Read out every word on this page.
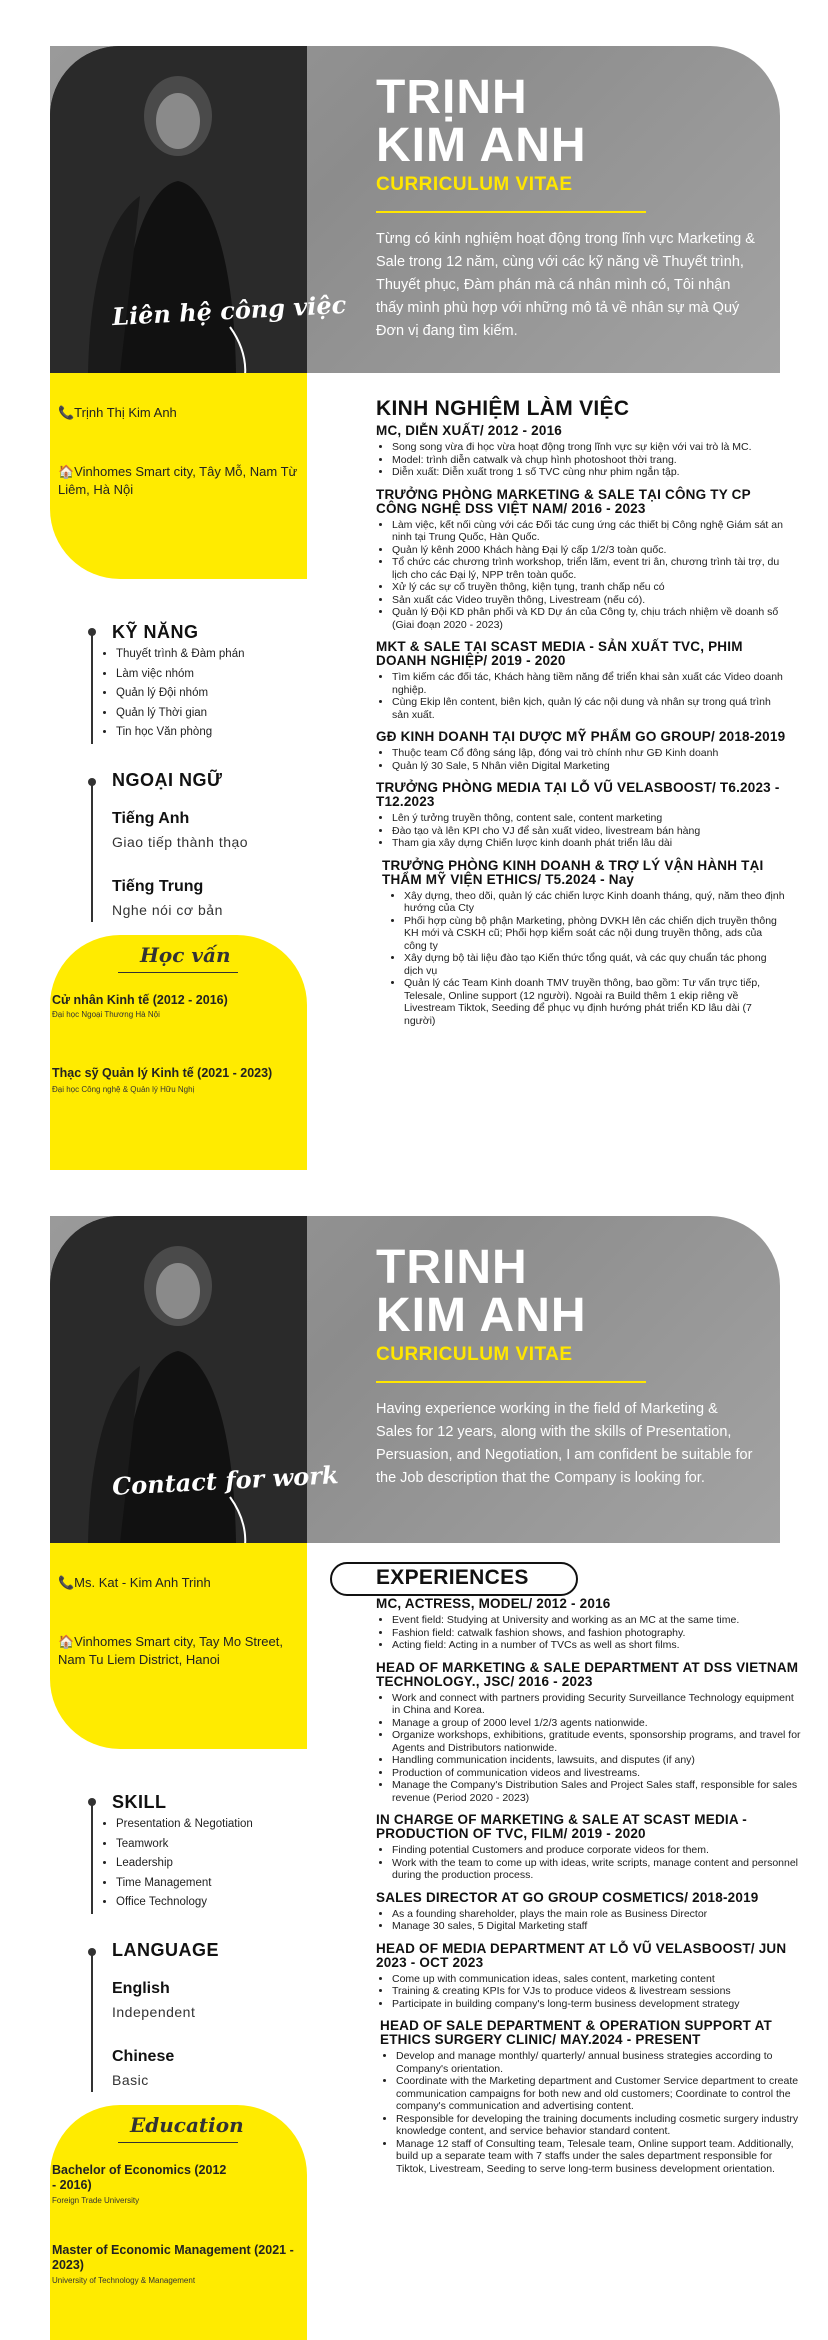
Liên hệ công việc
TRỊNH
KIM ANH
CURRICULUM VITAE
Từng có kinh nghiệm hoạt động trong lĩnh vực Marketing & Sale trong 12 năm, cùng với các kỹ năng về Thuyết trình, Thuyết phục, Đàm phán mà cá nhân mình có, Tôi nhận thấy mình phù hợp với những mô tả về nhân sự mà Quý Đơn vị đang tìm kiếm.
📞Trịnh Thị Kim Anh
🏠Vinhomes Smart city, Tây Mỗ, Nam Từ Liêm, Hà Nội
KỸ NĂNG
• Thuyết trình & Đàm phán
• Làm việc nhóm
• Quản lý Đội nhóm
• Quản lý Thời gian
• Tin học Văn phòng
NGOẠI NGỮ
Tiếng Anh
Giao tiếp thành thạo
Tiếng Trung
Nghe nói cơ bản
Học vấn
Cử nhân Kinh tế (2012 - 2016)
Đại học Ngoại Thương Hà Nội
Thạc sỹ Quản lý Kinh tế (2021 - 2023)
Đại học Công nghệ & Quản lý Hữu Nghị
KINH NGHIỆM LÀM VIỆC
MC, DIỄN XUẤT/ 2012 - 2016
• Song song vừa đi học vừa hoạt động trong lĩnh vực sự kiện với vai trò là MC.
• Model: trình diễn catwalk và chụp hình photoshoot thời trang.
• Diễn xuất: Diễn xuất trong 1 số TVC cùng như phim ngắn tập.
TRƯỞNG PHÒNG MARKETING & SALE TẠI CÔNG TY CP CÔNG NGHỆ DSS VIỆT NAM/ 2016 - 2023
• Làm việc, kết nối cùng với các Đối tác cung ứng các thiết bị Công nghệ Giám sát an ninh tại Trung Quốc, Hàn Quốc.
• Quản lý kênh 2000 Khách hàng Đại lý cấp 1/2/3 toàn quốc.
• Tổ chức các chương trình workshop, triển lãm, event tri ân, chương trình tài trợ, du lịch cho các Đại lý, NPP trên toàn quốc.
• Xử lý các sự cố truyền thông, kiện tụng, tranh chấp nếu có
• Sản xuất các Video truyền thông, Livestream (nếu có).
• Quản lý Đội KD phân phối và KD Dự án của Công ty, chịu trách nhiệm về doanh số (Giai đoạn 2020 - 2023)
MKT & SALE TẠI SCAST MEDIA - SẢN XUẤT TVC, PHIM DOANH NGHIỆP/ 2019 - 2020
• Tìm kiếm các đối tác, Khách hàng tiềm năng để triển khai sản xuất các Video doanh nghiệp.
• Cùng Ekip lên content, biên kịch, quản lý các nội dung và nhân sự trong quá trình sản xuất.
GĐ KINH DOANH TẠI DƯỢC MỸ PHẨM GO GROUP/ 2018-2019
• Thuộc team Cổ đông sáng lập, đóng vai trò chính như GĐ Kinh doanh
• Quản lý 30 Sale, 5 Nhân viên Digital Marketing
TRƯỞNG PHÒNG MEDIA TẠI LỖ VŨ VELASBOOST/ T6.2023 - T12.2023
• Lên ý tưởng truyền thông, content sale, content marketing
• Đào tạo và lên KPI cho VJ để sản xuất video, livestream bán hàng
• Tham gia xây dựng Chiến lược kinh doanh phát triển lâu dài
TRƯỞNG PHÒNG KINH DOANH & TRỢ LÝ VẬN HÀNH TẠI THẨM MỸ VIỆN ETHICS/ T5.2024 - Nay
• Xây dựng, theo dõi, quản lý các chiến lược Kinh doanh tháng, quý, năm theo định hướng của Cty
• Phối hợp cùng bộ phận Marketing, phòng DVKH lên các chiến dịch truyền thông KH mới và CSKH cũ; Phối hợp kiểm soát các nội dung truyền thông, ads của công ty
• Xây dựng bộ tài liệu đào tạo Kiến thức tổng quát, và các quy chuẩn tác phong dịch vụ
• Quản lý các Team Kinh doanh TMV truyền thông, bao gồm: Tư vấn trực tiếp, Telesale, Online support (12 người). Ngoài ra Build thêm 1 ekip riêng về Livestream Tiktok, Seeding để phục vụ định hướng phát triển KD lâu dài (7 người)
Contact for work
TRINH
KIM ANH
CURRICULUM VITAE
Having experience working in the field of Marketing & Sales for 12 years, along with the skills of Presentation, Persuasion, and Negotiation, I am confident be suitable for the Job description that the Company is looking for.
📞Ms. Kat - Kim Anh Trinh
🏠Vinhomes Smart city, Tay Mo Street, Nam Tu Liem District, Hanoi
SKILL
• Presentation & Negotiation
• Teamwork
• Leadership
• Time Management
• Office Technology
LANGUAGE
English
Independent
Chinese
Basic
Education
Bachelor of Economics (2012 - 2016)
Foreign Trade University
Master of Economic Management (2021 - 2023)
University of Technology & Management
EXPERIENCES
MC, ACTRESS, MODEL/ 2012 - 2016
• Event field: Studying at University and working as an MC at the same time.
• Fashion field: catwalk fashion shows, and fashion photography.
• Acting field: Acting in a number of TVCs as well as short films.
HEAD OF MARKETING & SALE DEPARTMENT AT DSS VIETNAM TECHNOLOGY., JSC/ 2016 - 2023
• Work and connect with partners providing Security Surveillance Technology equipment in China and Korea.
• Manage a group of 2000 level 1/2/3 agents nationwide.
• Organize workshops, exhibitions, gratitude events, sponsorship programs, and travel for Agents and Distributors nationwide.
• Handling communication incidents, lawsuits, and disputes (if any)
• Production of communication videos and livestreams.
• Manage the Company's Distribution Sales and Project Sales staff, responsible for sales revenue (Period 2020 - 2023)
IN CHARGE OF MARKETING & SALE AT SCAST MEDIA - PRODUCTION OF TVC, FILM/ 2019 - 2020
• Finding potential Customers and produce corporate videos for them.
• Work with the team to come up with ideas, write scripts, manage content and personnel during the production process.
SALES DIRECTOR AT GO GROUP COSMETICS/ 2018-2019
• As a founding shareholder, plays the main role as Business Director
• Manage 30 sales, 5 Digital Marketing staff
HEAD OF MEDIA DEPARTMENT AT LỖ VŨ VELASBOOST/ JUN 2023 - OCT 2023
• Come up with communication ideas, sales content, marketing content
• Training & creating KPIs for VJs to produce videos & livestream sessions
• Participate in building company's long-term business development strategy
HEAD OF SALE DEPARTMENT & OPERATION SUPPORT AT ETHICS SURGERY CLINIC/ MAY.2024 - PRESENT
• Develop and manage monthly/ quarterly/ annual business strategies according to Company's orientation.
• Coordinate with the Marketing department and Customer Service department to create communication campaigns for both new and old customers; Coordinate to control the company's communication and advertising content.
• Responsible for developing the training documents including cosmetic surgery industry knowledge content, and service behavior standard content.
• Manage 12 staff of Consulting team, Telesale team, Online support team. Additionally, build up a separate team with 7 staffs under the sales department responsible for Tiktok, Livestream, Seeding to serve long-term business development orientation.
